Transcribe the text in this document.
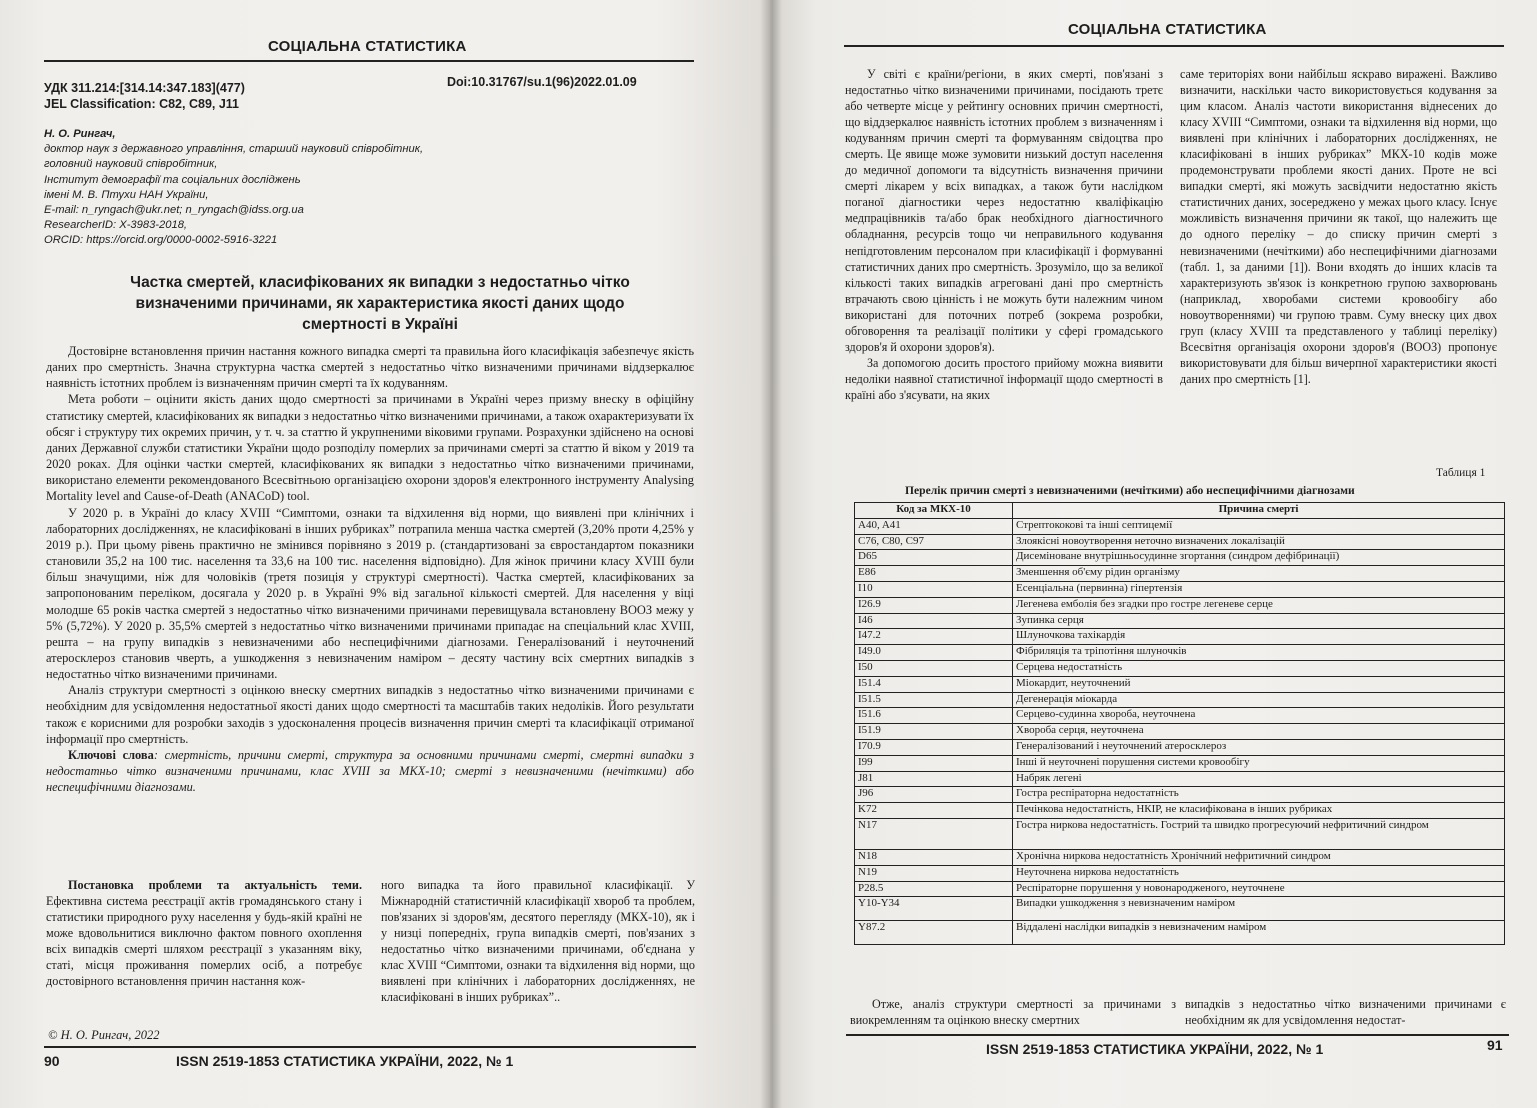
СОЦІАЛЬНА СТАТИСТИКА
УДК 311.214:[314.14:347.183](477)	Doi:10.31767/su.1(96)2022.01.09
JEL Classification: C82, C89, J11
Н. О. Рингач,
доктор наук з державного управління, старший науковий співробітник,
головний науковий співробітник,
Інститут демографії та соціальних досліджень
імені М. В. Птухи НАН України,
E-mail: n_ryngach@ukr.net; n_ryngach@idss.org.ua
ResearcherID: X-3983-2018,
ORCID: https://orcid.org/0000-0002-5916-3221
Частка смертей, класифікованих як випадки з недостатньо чітко
визначеними причинами, як характеристика якості даних щодо
смертності в Україні

Достовірне встановлення причин настання кожного випадка смерті та правильна його класифікація забезпечує якість даних про смертність. Значна структурна частка смертей з недостатньо чітко визначеними причинами віддзеркалює наявність істотних проблем із визначенням причин смерті та їх кодуванням.

Мета роботи – оцінити якість даних щодо смертності за причинами в Україні через призму внеску в офіційну статистику смертей, класифікованих як випадки з недостатньо чітко визначеними причинами, а також охарактеризувати їх обсяг і структуру тих окремих причин, у т. ч. за статтю й укрупненими віковими групами. Розрахунки здійснено на основі даних Державної служби статистики України щодо розподілу померлих за причинами смерті за статтю й віком у 2019 та 2020 роках. Для оцінки частки смертей, класифікованих як випадки з недостатньо чітко визначеними причинами, використано елементи рекомендованого Всесвітньою організацією охорони здоров'я електронного інструменту Analysing Mortality level and Cause-of-Death (ANACoD) tool.

У 2020 р. в Україні до класу XVIII “Симптоми, ознаки та відхилення від норми, що виявлені при клінічних і лабораторних дослідженнях, не класифіковані в інших рубриках” потрапила менша частка смертей (3,20% проти 4,25% у 2019 р.). При цьому рівень практично не змінився порівняно з 2019 р. (стандартизовані за євростандартом показники становили 35,2 на 100 тис. населення та 33,6 на 100 тис. населення відповідно). Для жінок причини класу XVIII були більш значущими, ніж для чоловіків (третя позиція у структурі смертності). Частка смертей, класифікованих за запропонованим переліком, досягала у 2020 р. в Україні 9% від загальної кількості смертей. Для населення у віці молодше 65 років частка смертей з недостатньо чітко визначеними причинами перевищувала встановлену ВООЗ межу у 5% (5,72%). У 2020 р. 35,5% смертей з недостатньо чітко визначеними причинами припадає на спеціальний клас XVIII, решта – на групу випадків з невизначеними або неспецифічними діагнозами. Генералізований і неуточнений атеросклероз становив чверть, а ушкодження з невизначеним наміром – десяту частину всіх смертних випадків з недостатньо чітко визначеними причинами.

Аналіз структури смертності з оцінкою внеску смертних випадків з недостатньо чітко визначеними причинами є необхідним для усвідомлення недостатньої якості даних щодо смертності та масштабів таких недоліків. Його результати також є корисними для розробки заходів з удосконалення процесів визначення причин смерті та класифікації отриманої інформації про смертність.

Ключові слова: смертність, причини смерті, структура за основними причинами смерті, смертні випадки з недостатньо чітко визначеними причинами, клас XVIII за МКХ-10; смерті з невизначеними (нечіткими) або неспецифічними діагнозами.

Постановка проблеми та актуальність теми. Ефективна система реєстрації актів громадянського стану і статистики природного руху населення у будь-якій країні не може вдовольнитися виключно фактом повного охоплення всіх випадків смерті шляхом реєстрації з указанням віку, статі, місця проживання померлих осіб, а потребує достовірного встановлення причин настання кож-

ного випадка та його правильної класифікації. У Міжнародній статистичній класифікації хвороб та проблем, пов'язаних зі здоров'ям, десятого перегляду (МКХ-10), як і у низці попередніх, група випадків смерті, пов'язаних з недостатньо чітко визначеними причинами, об'єднана у клас XVIII “Симптоми, ознаки та відхилення від норми, що виявлені при клінічних і лабораторних дослідженнях, не класифіковані в інших рубриках”..

© Н. О. Рингач, 2022
90	ISSN 2519-1853 СТАТИСТИКА УКРАЇНИ, 2022, № 1
СОЦІАЛЬНА СТАТИСТИКА

У світі є країни/регіони, в яких смерті, пов'язані з недостатньо чітко визначеними причинами, посідають третє або четверте місце у рейтингу основних причин смертності, що віддзеркалює наявність істотних проблем з визначенням і кодуванням причин смерті та формуванням свідоцтва про смерть. Це явище може зумовити низький доступ населення до медичної допомоги та відсутність визначення причини смерті лікарем у всіх випадках, а також бути наслідком поганої діагностики через недостатню кваліфікацію медпрацівників та/або брак необхідного діагностичного обладнання, ресурсів тощо чи неправильного кодування непідготовленим персоналом при класифікації і формуванні статистичних даних про смертність. Зрозуміло, що за великої кількості таких випадків агреговані дані про смертність втрачають свою цінність і не можуть бути належним чином використані для поточних потреб (зокрема розробки, обговорення та реалізації політики у сфері громадського здоров'я й охорони здоров'я).

За допомогою досить простого прийому можна виявити недоліки наявної статистичної інформації щодо смертності в країні або з'ясувати, на яких

саме територіях вони найбільш яскраво виражені. Важливо визначити, наскільки часто використовується кодування за цим класом. Аналіз частоти використання віднесених до класу XVIII “Симптоми, ознаки та відхилення від норми, що виявлені при клінічних і лабораторних дослідженнях, не класифіковані в інших рубриках” МКХ-10 кодів може продемонструвати проблеми якості даних. Проте не всі випадки смерті, які можуть засвідчити недостатню якість статистичних даних, зосереджено у межах цього класу. Існує можливість визначення причини як такої, що належить ще до одного переліку – до списку причин смерті з невизначеними (нечіткими) або неспецифічними діагнозами (табл. 1, за даними [1]). Вони входять до інших класів та характеризують зв'язок із конкретною групою захворювань (наприклад, хворобами системи кровообігу або новоутвореннями) чи групою травм. Суму внеску цих двох груп (класу XVIII та представленого у таблиці переліку) Всесвітня організація охорони здоров'я (ВООЗ) пропонує використовувати для більш вичерпної характеристики якості даних про смертність [1].

Таблиця 1
Перелік причин смерті з невизначеними (нечіткими) або неспецифічними діагнозами
Код за МКХ-10	Причина смерті
A40, A41	Стрептококові та інші септицемії
C76, C80, C97	Злоякісні новоутворення неточно визначених локалізацій
D65	Дисеміноване внутрішньосудинне згортання (синдром дефібринації)
E86	Зменшення об'єму рідин організму
I10	Есенціальна (первинна) гіпертензія
I26.9	Легенева емболія без згадки про гостре легеневе серце
I46	Зупинка серця
I47.2	Шлуночкова тахікардія
I49.0	Фібриляція та тріпотіння шлуночків
I50	Серцева недостатність
I51.4	Міокардит, неуточнений
I51.5	Дегенерація міокарда
I51.6	Серцево-судинна хвороба, неуточнена
I51.9	Хвороба серця, неуточнена
I70.9	Генералізований і неуточнений атеросклероз
I99	Інші й неуточнені порушення системи кровообігу
J81	Набряк легені
J96	Гостра респіраторна недостатність
K72	Печінкова недостатність, НКІР, не класифікована в інших рубриках
N17	Гостра ниркова недостатність. Гострий та швидко прогресуючий нефритичний синдром
N18	Хронічна ниркова недостатність Хронічний нефритичний синдром
N19	Неуточнена ниркова недостатність
P28.5	Респіраторне порушення у новонародженого, неуточнене
Y10-Y34	Випадки ушкодження з невизначеним наміром
Y87.2	Віддалені наслідки випадків з невизначеним наміром

Отже, аналіз структури смертності за причинами з виокремленням та оцінкою внеску смертних

випадків з недостатньо чітко визначеними причинами є необхідним як для усвідомлення недостат-

ISSN 2519-1853 СТАТИСТИКА УКРАЇНИ, 2022, № 1	91
